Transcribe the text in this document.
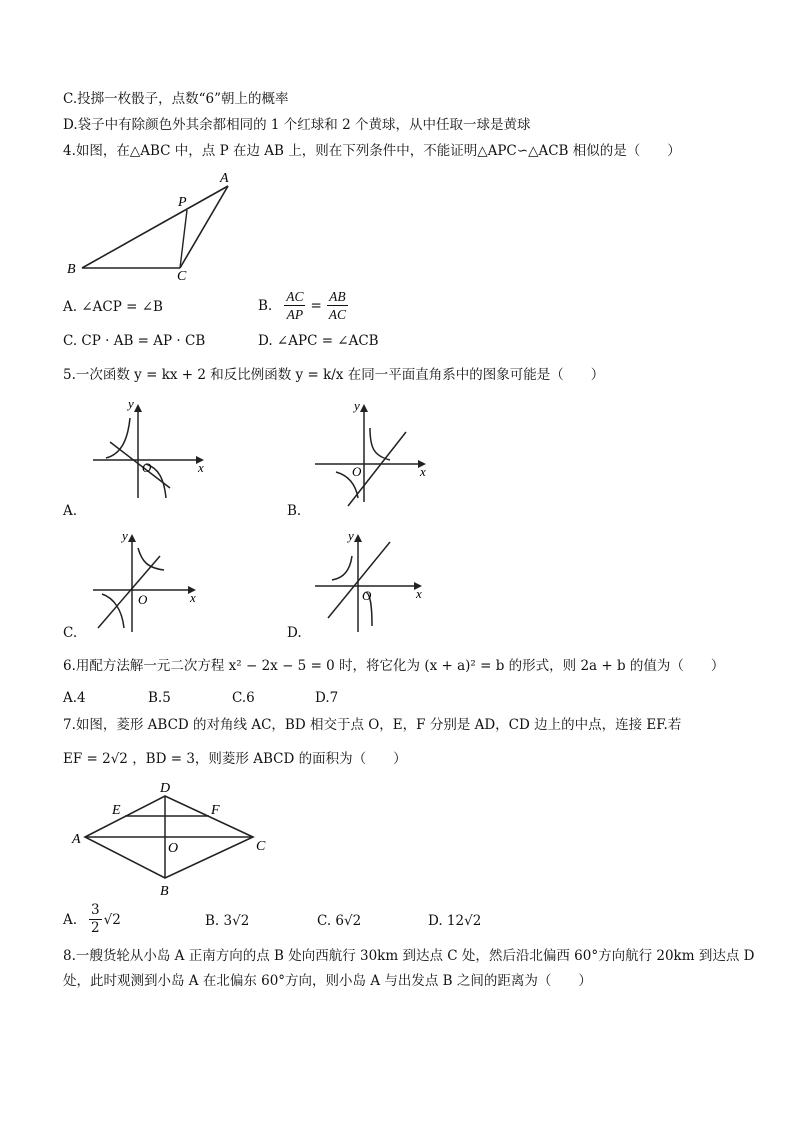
C.投掷一枚骰子，点数“6”朝上的概率
D.袋子中有除颜色外其余都相同的 1 个红球和 2 个黄球，从中任取一球是黄球
4.如图，在△ABC 中，点 P 在边 AB 上，则在下列条件中，不能证明△APC∽△ACB 相似的是（　　）
B	C
A
P
A. ∠ACP = ∠B	B. $\frac{AC}{AP} = \frac{AB}{AC}$
C. CP · AB = AP · CB	D. ∠APC = ∠ACB
5.一次函数 y = kx + 2 和反比例函数 y = k/x 在同一平面直角系中的图象可能是（　　）
y
x
O
A.
y
x
O
B.
y
x
O
C.
y
x
O
D.
6.用配方法解一元二次方程 x² − 2x − 5 = 0 时，将它化为 (x + a)² = b 的形式，则 2a + b 的值为（　　）
A.4	B.5	C.6	D.7
7.如图，菱形 ABCD 的对角线 AC，BD 相交于点 O，E，F 分别是 AD，CD 边上的中点，连接 EF.若
EF = 2√2 ，BD = 3，则菱形 ABCD 的面积为（　　）
A
D
C
B
E	F
O
A. $\frac{3}{2} √2$	B. 3√2	C. 6√2	D. 12√2
8.一艘货轮从小岛 A 正南方向的点 B 处向西航行 30km 到达点 C 处，然后沿北偏西 60°方向航行 20km 到达点 D
处，此时观测到小岛 A 在北偏东 60°方向，则小岛 A 与出发点 B 之间的距离为（　　）
